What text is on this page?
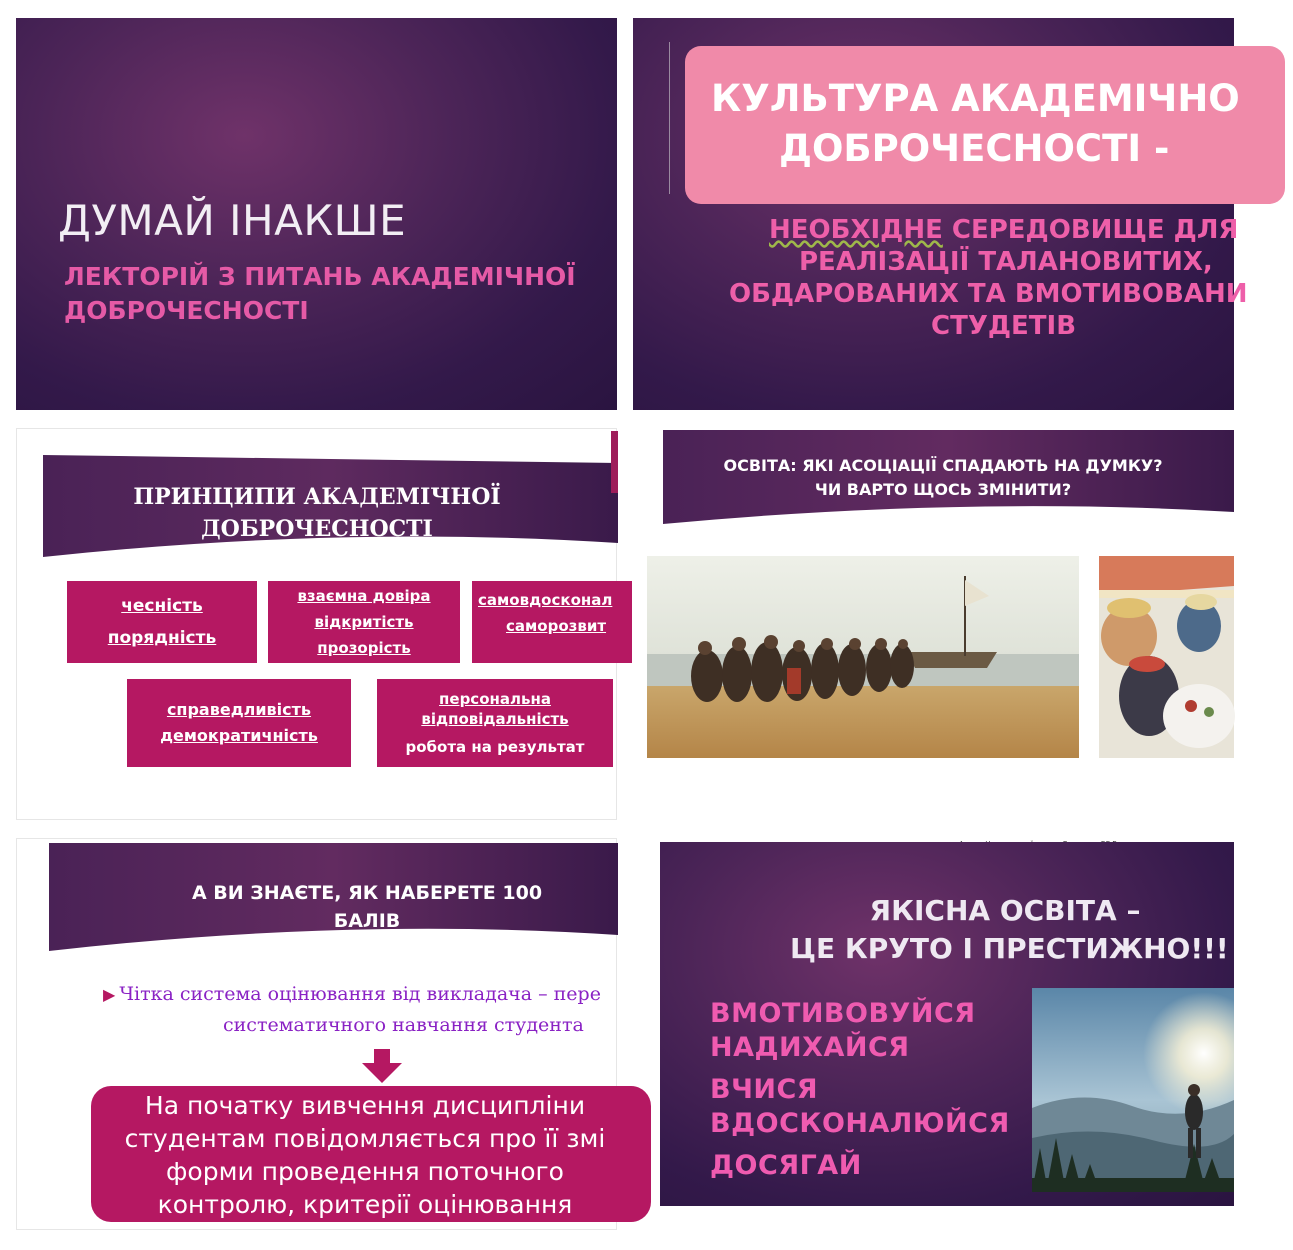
ДУМАЙ ІНАКШЕ
ЛЕКТОРІЙ З ПИТАНЬ АКАДЕМІЧНОЇ ДОБРОЧЕСНОСТІ
КУЛЬТУРА АКАДЕМІЧНО
ДОБРОЧЕСНОСТІ -
НЕОБХІДНЕ СЕРЕДОВИЩЕ ДЛЯ
РЕАЛІЗАЦІЇ ТАЛАНОВИТИХ,
ОБДАРОВАНИХ ТА ВМОТИВОВАНИ
СТУДЕТІВ
ПРИНЦИПИ АКАДЕМІЧНОЇ
ДОБРОЧЕСНОСТІ
чесність
порядність
взаємна довіра
відкритість
прозорість
самовдосконал
саморозвит
справедливість
демократичність
персональна
відповідальність
робота на результат
ОСВІТА: ЯКІ АСОЦІАЦІЇ СПАДАЮТЬ НА ДУМКУ?
ЧИ ВАРТО ЩОСЬ ЗМІНИТИ?
А ВИ ЗНАЄТЕ, ЯК НАБЕРЕТЕ 100 БАЛІВ
З КОЖНОЇ ДИСЦИПЛІНИ?
▶ Чітка система оцінювання від викладача – пере
систематичного навчання студента
На початку вивчення дисципліни
студентам повідомляється про її змі
форми проведення поточного
контролю, критерії оцінювання
ЯКІСНА ОСВІТА –
ЦЕ КРУТО І ПРЕСТИЖНО!!!
ВМОТИВОВУЙСЯ
НАДИХАЙСЯ
ВЧИСЯ
ВДОСКОНАЛЮЙСЯ
ДОСЯГАЙ
